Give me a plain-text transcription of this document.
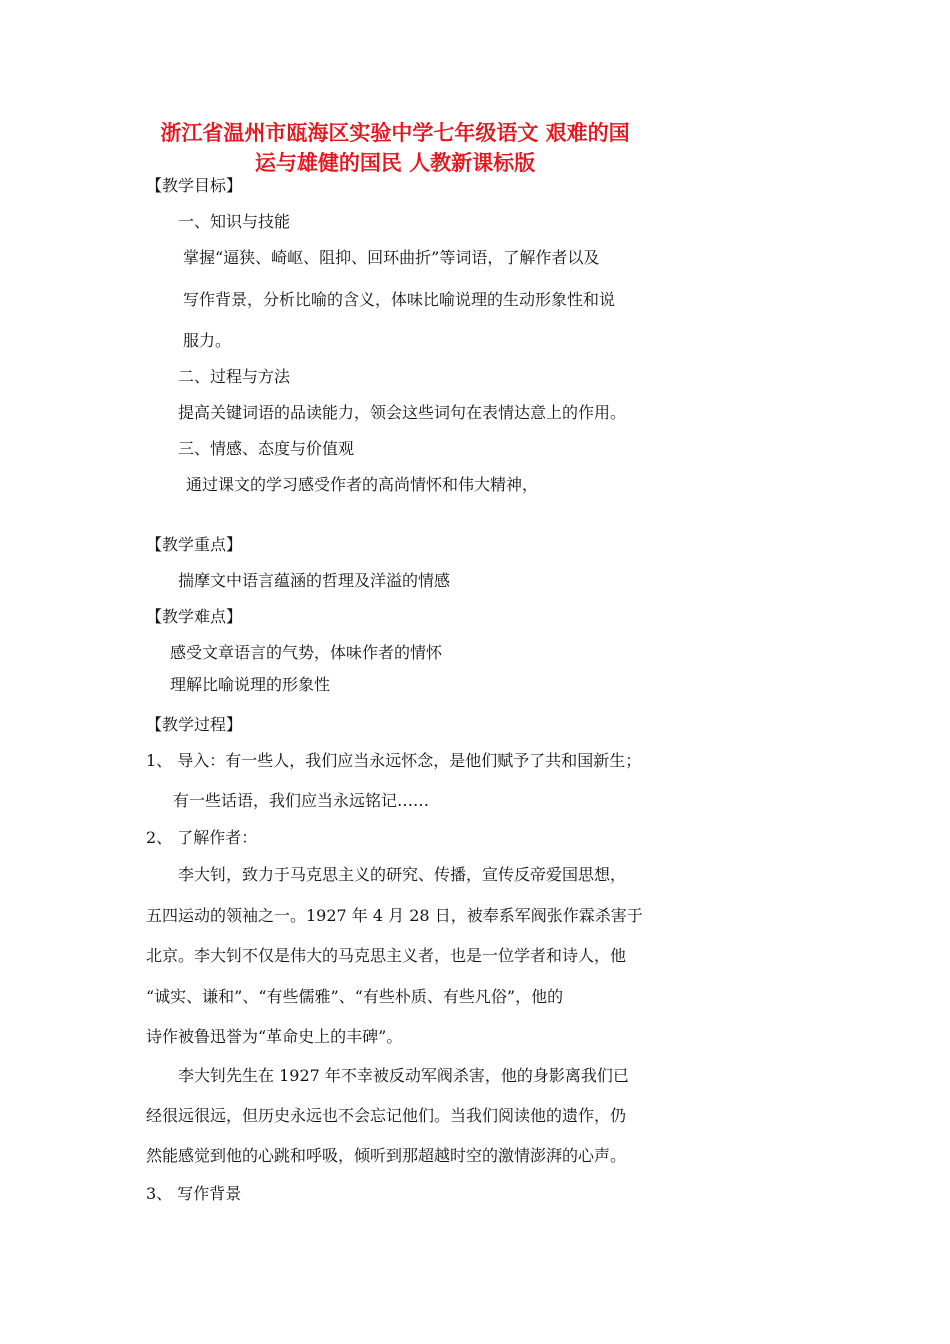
浙江省温州市瓯海区实验中学七年级语文 艰难的国
运与雄健的国民 人教新课标版

【教学目标】

一、知识与技能

掌握“逼狭、崎岖、阻抑、回环曲折”等词语，了解作者以及

写作背景，分析比喻的含义，体味比喻说理的生动形象性和说

服力。

二、过程与方法

提高关键词语的品读能力，领会这些词句在表情达意上的作用。

三、情感、态度与价值观

通过课文的学习感受作者的高尚情怀和伟大精神，

【教学重点】

揣摩文中语言蕴涵的哲理及洋溢的情感

【教学难点】

感受文章语言的气势，体味作者的情怀

理解比喻说理的形象性

【教学过程】

1、 导入：有一些人，我们应当永远怀念，是他们赋予了共和国新生；

有一些话语，我们应当永远铭记……

2、 了解作者：

李大钊，致力于马克思主义的研究、传播，宣传反帝爱国思想，

五四运动的领袖之一。1927 年 4 月 28 日，被奉系军阀张作霖杀害于

北京。李大钊不仅是伟大的马克思主义者，也是一位学者和诗人，他

“诚实、谦和”、“有些儒雅”、“有些朴质、有些凡俗”，他的

诗作被鲁迅誉为“革命史上的丰碑”。

李大钊先生在 1927 年不幸被反动军阀杀害，他的身影离我们已

经很远很远，但历史永远也不会忘记他们。当我们阅读他的遗作，仍

然能感觉到他的心跳和呼吸，倾听到那超越时空的激情澎湃的心声。

3、 写作背景
